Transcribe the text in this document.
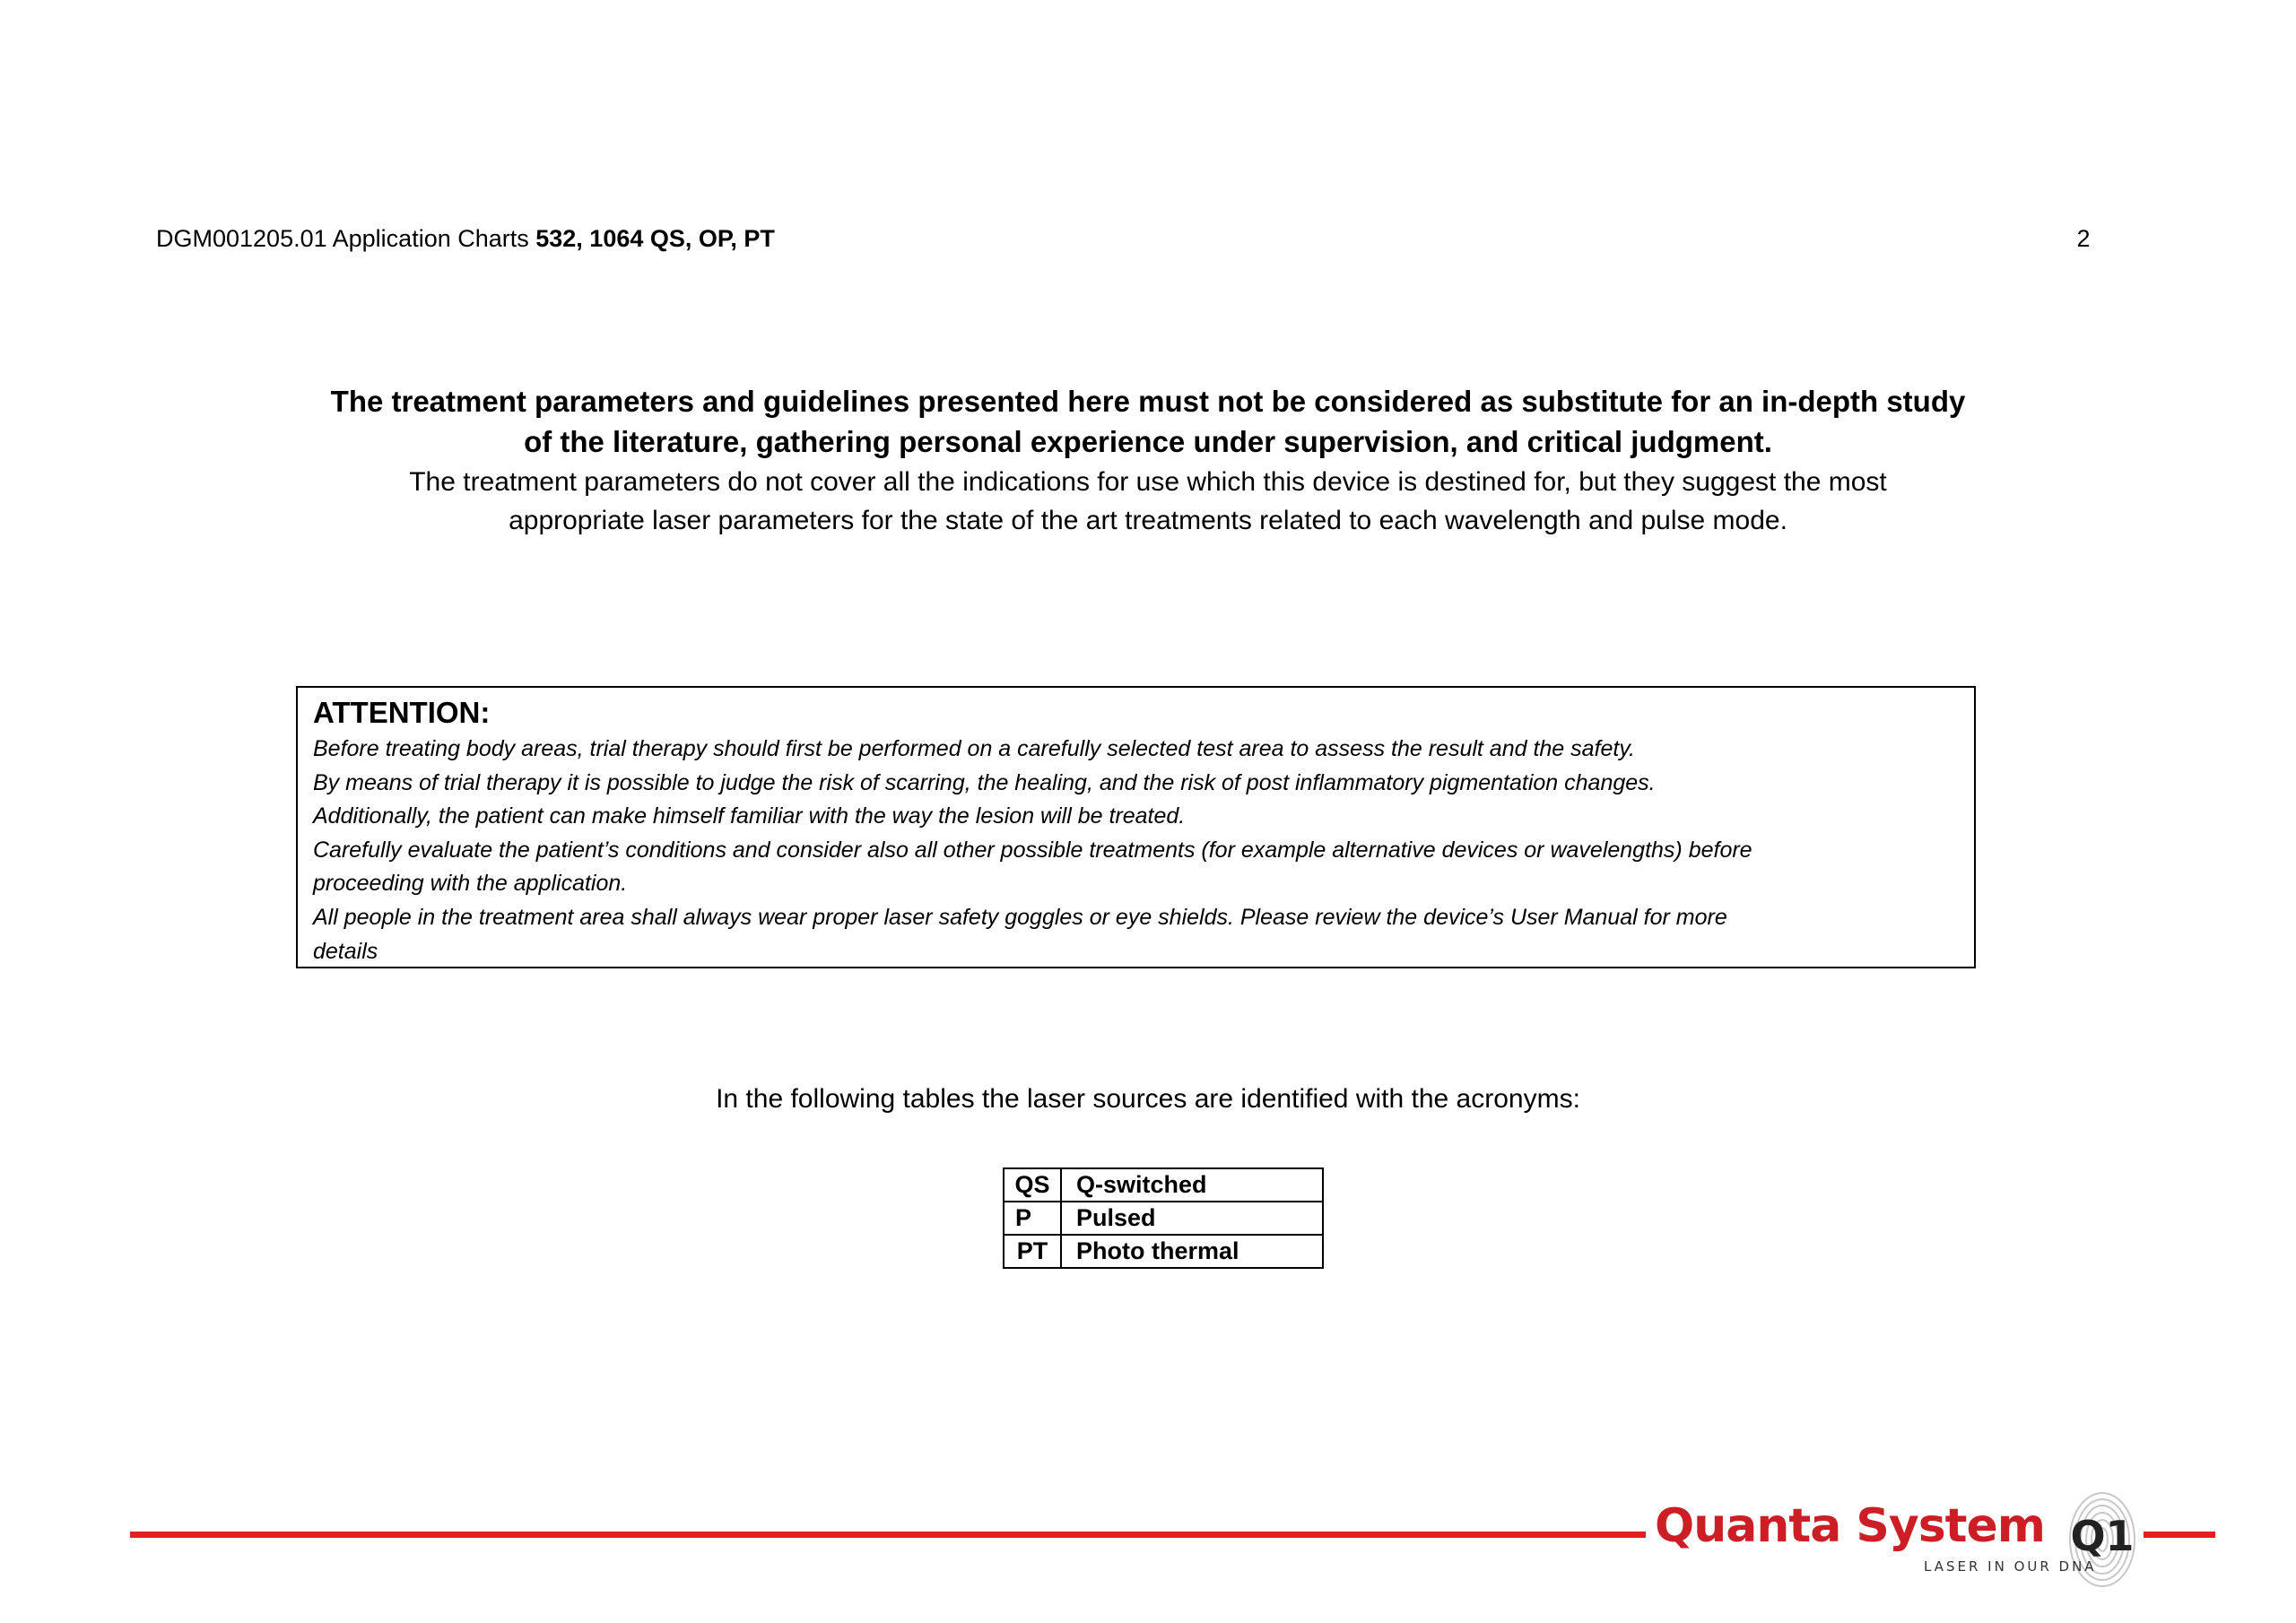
DGM001205.01 Application Charts 532, 1064 QS, OP, PT	2
The treatment parameters and guidelines presented here must not be considered as substitute for an in-depth study
of the literature, gathering personal experience under supervision, and critical judgment.
The treatment parameters do not cover all the indications for use which this device is destined for, but they suggest the most
appropriate laser parameters for the state of the art treatments related to each wavelength and pulse mode.
ATTENTION:
Before treating body areas, trial therapy should first be performed on a carefully selected test area to assess the result and the safety.
By means of trial therapy it is possible to judge the risk of scarring, the healing, and the risk of post inflammatory pigmentation changes.
Additionally, the patient can make himself familiar with the way the lesion will be treated.
Carefully evaluate the patient’s conditions and consider also all other possible treatments (for example alternative devices or wavelengths) before
proceeding with the application.
All people in the treatment area shall always wear proper laser safety goggles or eye shields. Please review the device’s User Manual for more
details
In the following tables the laser sources are identified with the acronyms:
QS	Q-switched
P	Pulsed
PT	Photo thermal
Quanta System Q1
LASER IN OUR DNA
